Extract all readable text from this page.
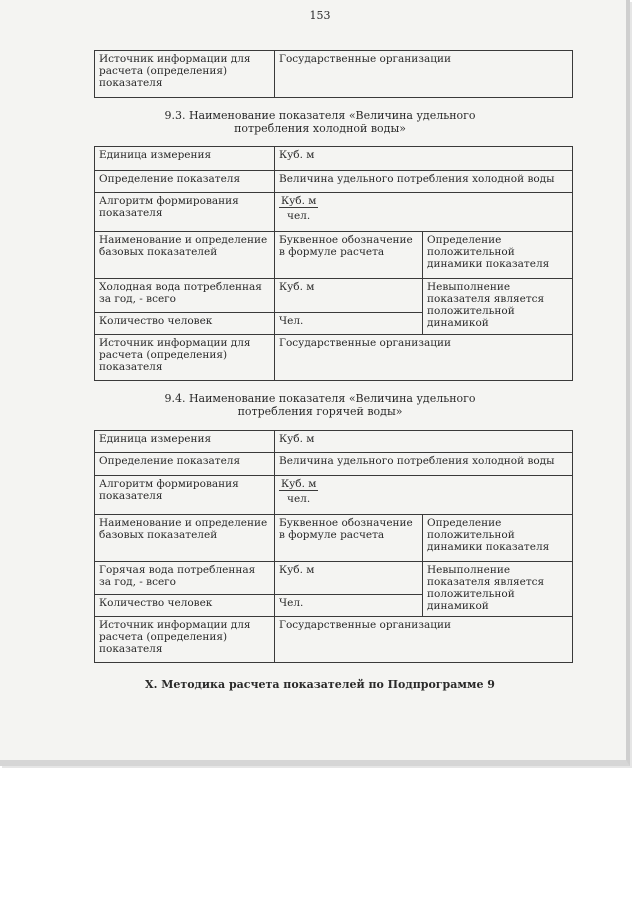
153
Источник информации для расчета (определения) показателя	Государственные организации
9.3. Наименование показателя «Величина удельного потребления холодной воды»
Единица измерения	Куб. м	
Определение показателя	Величина удельного потребления холодной воды	
Алгоритм формирования показателя	$\frac{\text{Куб. м}}{\text{чел.}}$

Наименование и определение базовых показателей	Буквенное обозначение в формуле расчета	Определение положительной динамики показателя
Холодная вода потребленная за год, - всего	Куб. м	Невыполнение показателя является положительной динамикой
Количество человек	Чел.	
Источник информации для расчета (определения) показателя	Государственные организации	
9.4. Наименование показателя «Величина удельного потребления горячей воды»
Единица измерения	Куб. м	
Определение показателя	Величина удельного потребления холодной воды	
Алгоритм формирования показателя	$\frac{\text{Куб. м}}{\text{чел.}}$

Наименование и определение базовых показателей	Буквенное обозначение в формуле расчета	Определение положительной динамики показателя
Горячая вода потребленная за год, - всего	Куб. м	Невыполнение показателя является положительной динамикой
Количество человек	Чел.	
Источник информации для расчета (определения) показателя	Государственные организации	
X. Методика расчета показателей по Подпрограмме 9
